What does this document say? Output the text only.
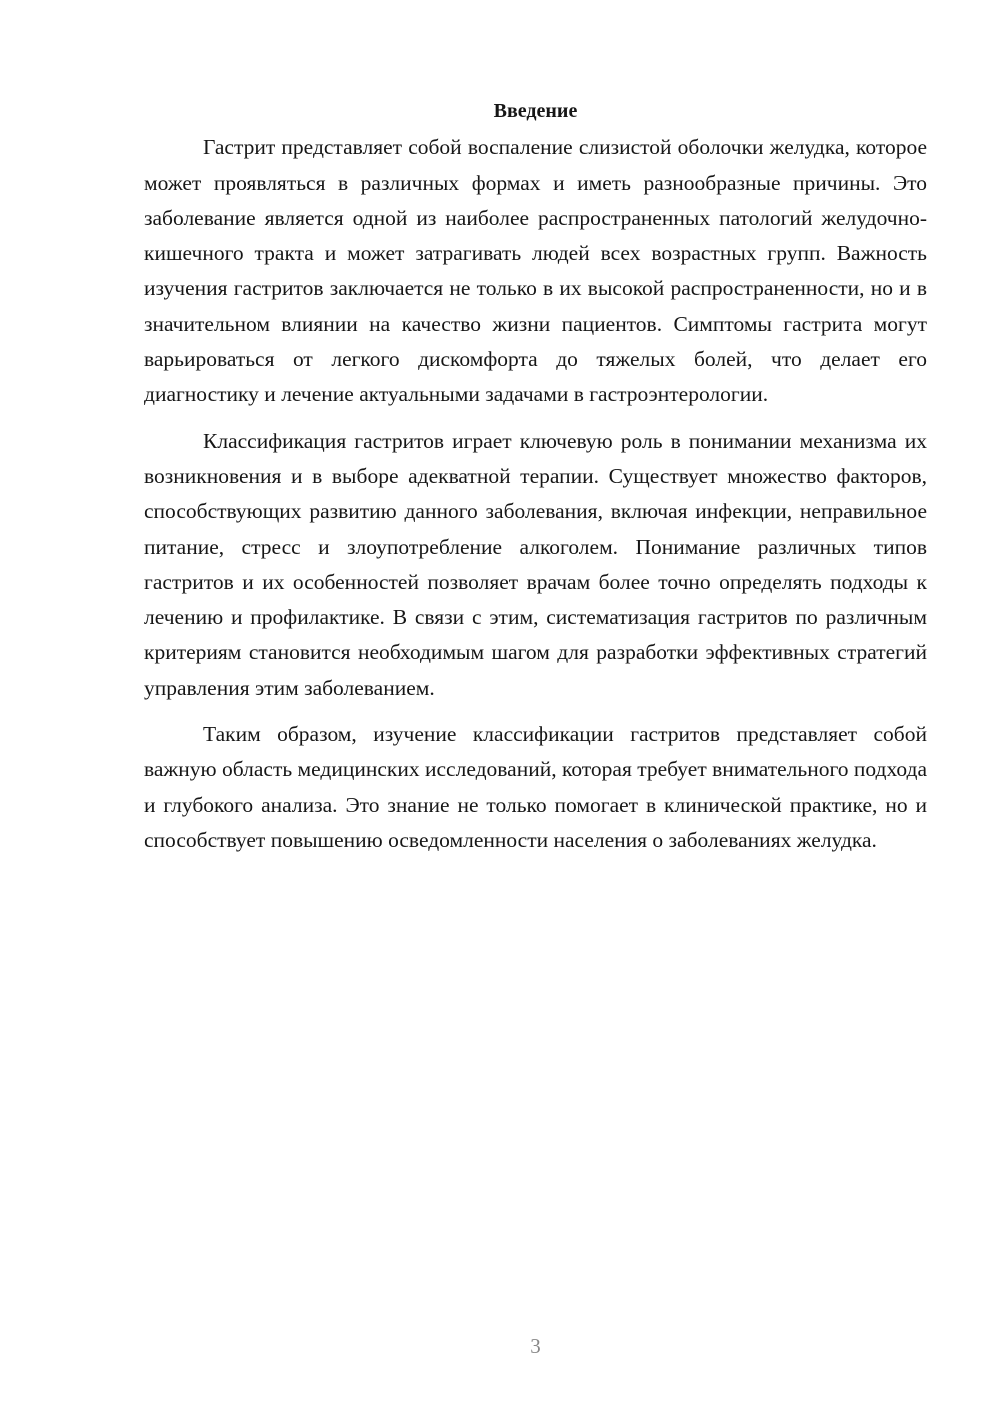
Введение

Гастрит представляет собой воспаление слизистой оболочки желудка, которое может проявляться в различных формах и иметь разнообразные причины. Это заболевание является одной из наиболее распространенных патологий желудочно-кишечного тракта и может затрагивать людей всех возрастных групп. Важность изучения гастритов заключается не только в их высокой распространенности, но и в значительном влиянии на качество жизни пациентов. Симптомы гастрита могут варьироваться от легкого дискомфорта до тяжелых болей, что делает его диагностику и лечение актуальными задачами в гастроэнтерологии.

Классификация гастритов играет ключевую роль в понимании механизма их возникновения и в выборе адекватной терапии. Существует множество факторов, способствующих развитию данного заболевания, включая инфекции, неправильное питание, стресс и злоупотребление алкоголем. Понимание различных типов гастритов и их особенностей позволяет врачам более точно определять подходы к лечению и профилактике. В связи с этим, систематизация гастритов по различным критериям становится необходимым шагом для разработки эффективных стратегий управления этим заболеванием.

Таким образом, изучение классификации гастритов представляет собой важную область медицинских исследований, которая требует внимательного подхода и глубокого анализа. Это знание не только помогает в клинической практике, но и способствует повышению осведомленности населения о заболеваниях желудка.

3
